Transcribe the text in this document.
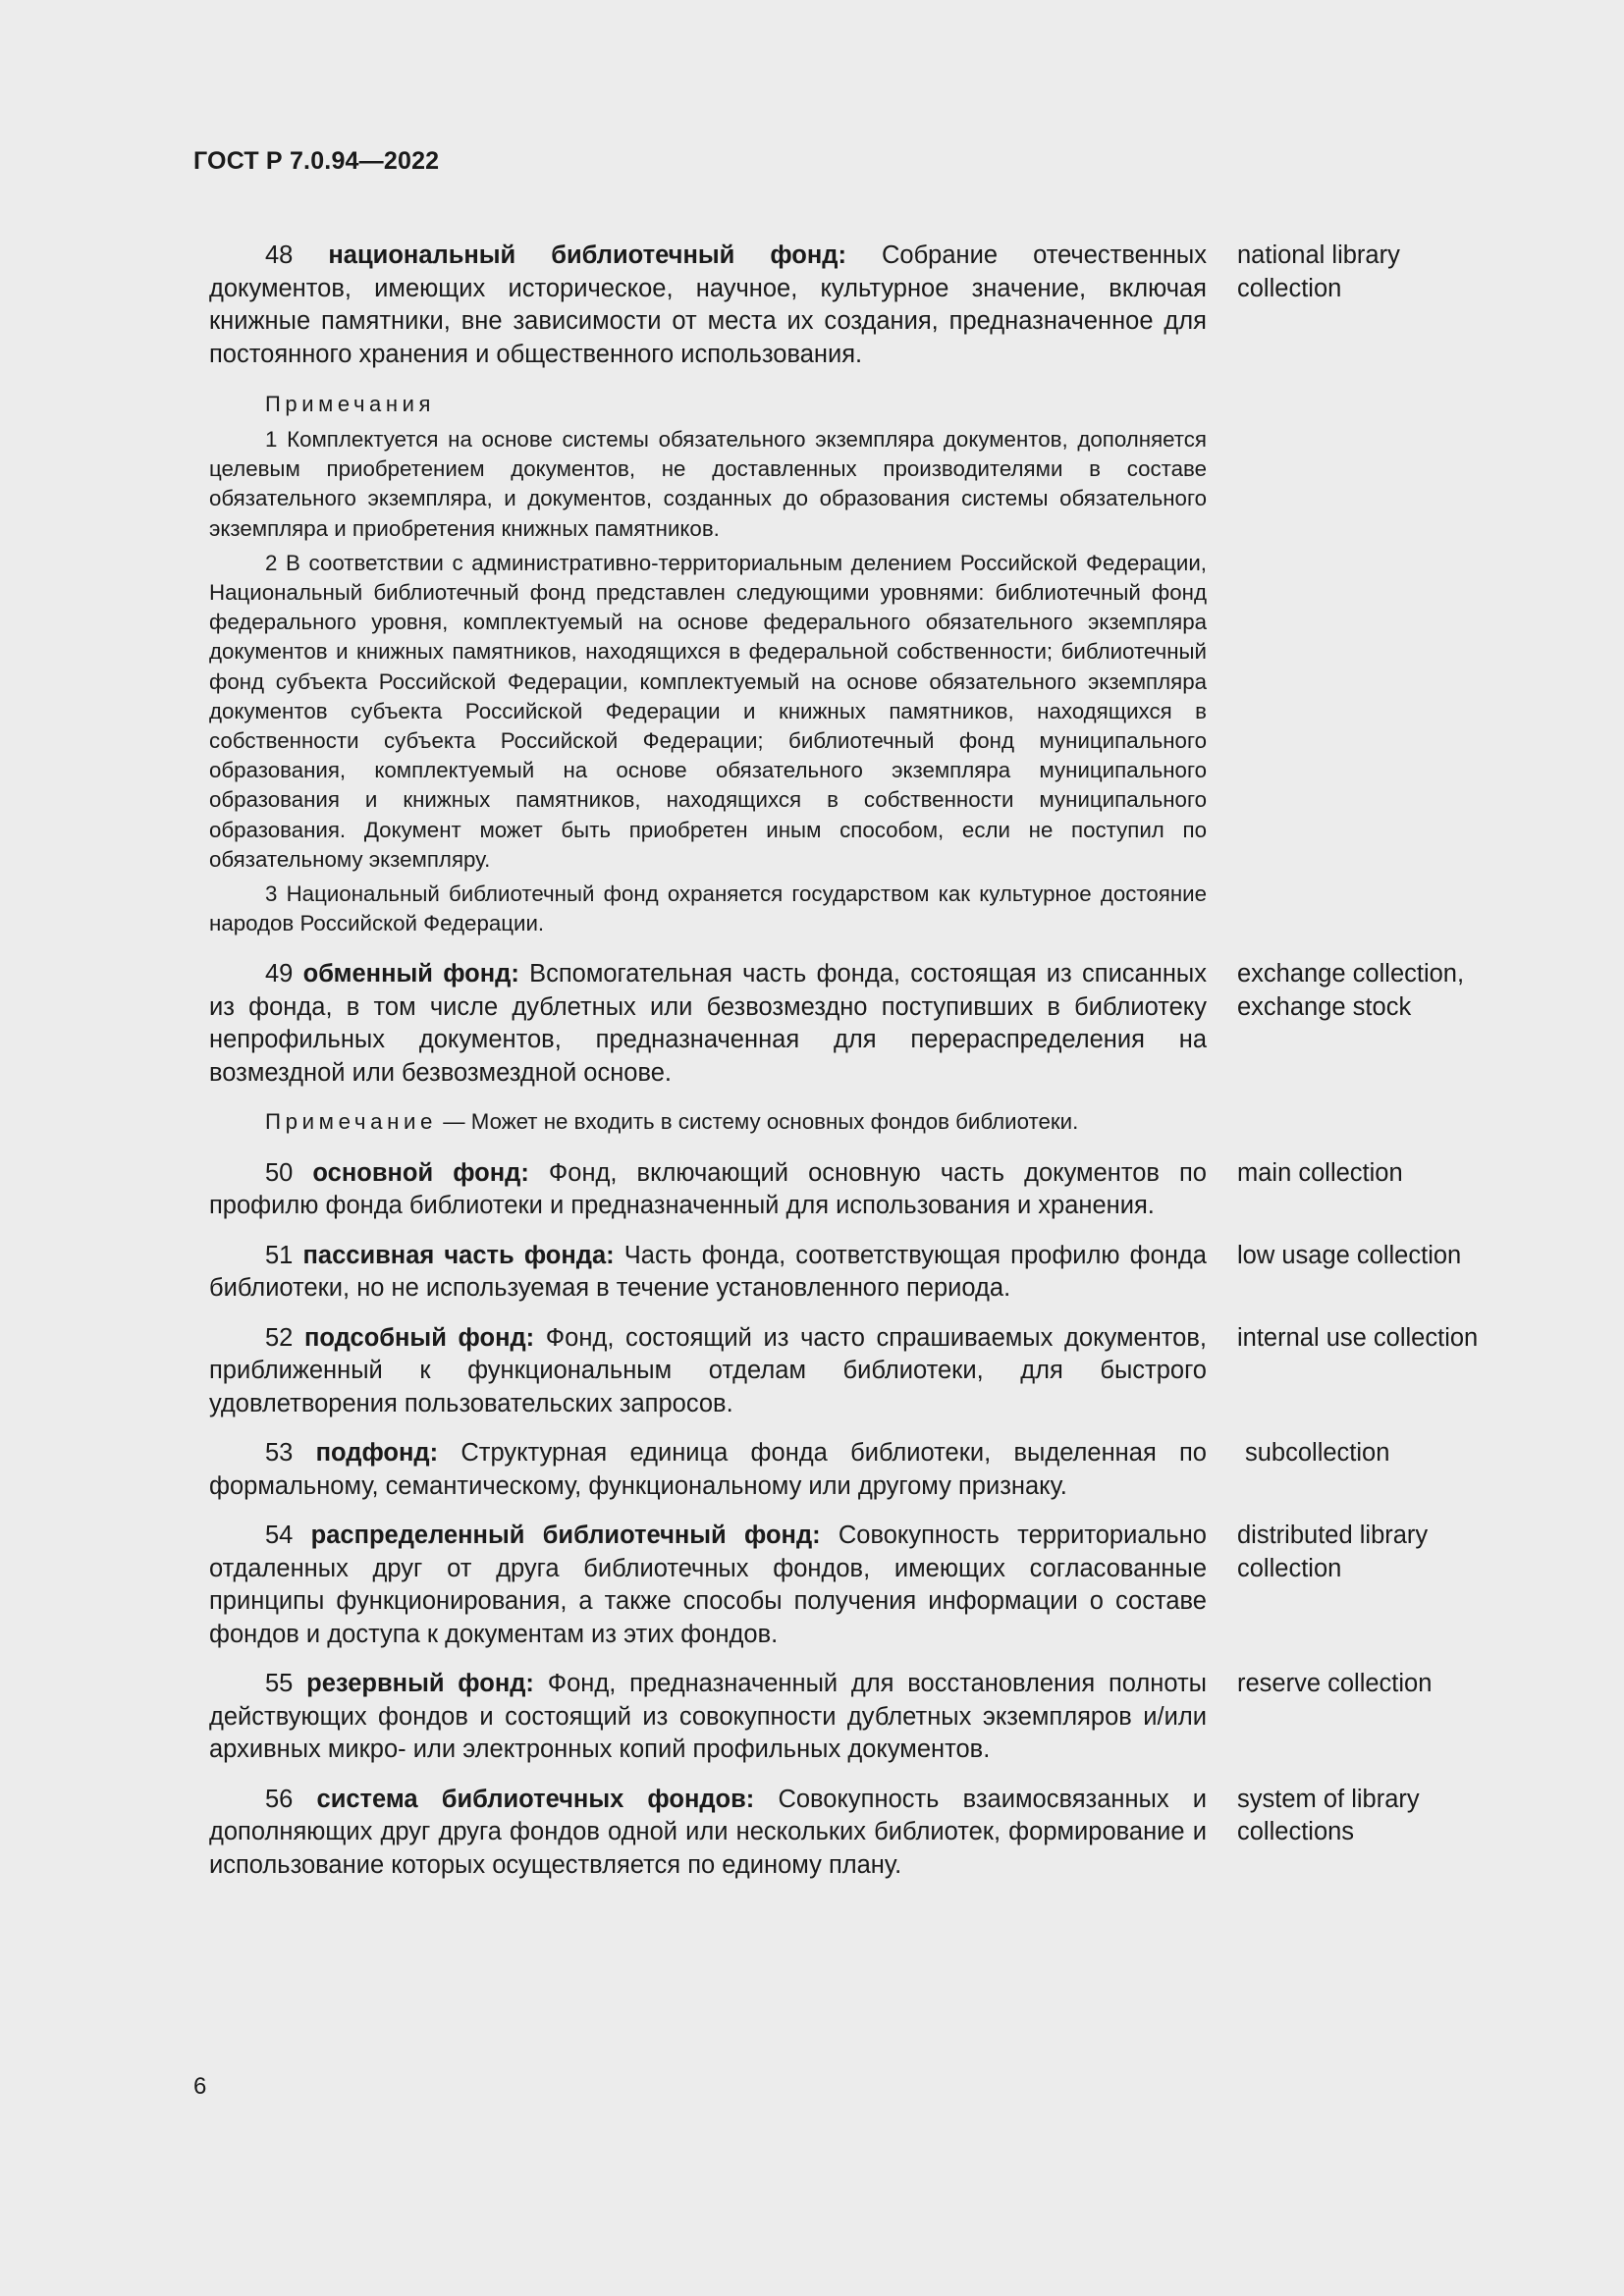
ГОСТ Р 7.0.94—2022
48 национальный библиотечный фонд: Собрание отечественных документов, имеющих историческое, научное, культурное значение, включая книжные памятники, вне зависимости от места их создания, предназначенное для постоянного хранения и общественного использования.
national library collection
Примечания
1 Комплектуется на основе системы обязательного экземпляра документов, дополняется целевым приобретением документов, не доставленных производителями в составе обязательного экземпляра, и документов, созданных до образования системы обязательного экземпляра и приобретения книжных памятников.
2 В соответствии с административно-территориальным делением Российской Федерации, Национальный библиотечный фонд представлен следующими уровнями: библиотечный фонд федерального уровня, комплектуемый на основе федерального обязательного экземпляра документов и книжных памятников, находящихся в федеральной собственности; библиотечный фонд субъекта Российской Федерации, комплектуемый на основе обязательного экземпляра документов субъекта Российской Федерации и книжных памятников, находящихся в собственности субъекта Российской Федерации; библиотечный фонд муниципального образования, комплектуемый на основе обязательного экземпляра муниципального образования и книжных памятников, находящихся в собственности муниципального образования. Документ может быть приобретен иным способом, если не поступил по обязательному экземпляру.
3 Национальный библиотечный фонд охраняется государством как культурное достояние народов Российской Федерации.
49 обменный фонд: Вспомогательная часть фонда, состоящая из списанных из фонда, в том числе дублетных или безвозмездно поступивших в библиотеку непрофильных документов, предназначенная для перераспределения на возмездной или безвозмездной основе.
exchange collection, exchange stock
Примечание — Может не входить в систему основных фондов библиотеки.
50 основной фонд: Фонд, включающий основную часть документов по профилю фонда библиотеки и предназначенный для использования и хранения.
main collection
51 пассивная часть фонда: Часть фонда, соответствующая профилю фонда библиотеки, но не используемая в течение установленного периода.
low usage collection
52 подсобный фонд: Фонд, состоящий из часто спрашиваемых документов, приближенный к функциональным отделам библиотеки, для быстрого удовлетворения пользовательских запросов.
internal use collection
53 подфонд: Структурная единица фонда библиотеки, выделенная по формальному, семантическому, функциональному или другому признаку.
subcollection
54 распределенный библиотечный фонд: Совокупность территориально отдаленных друг от друга библиотечных фондов, имеющих согласованные принципы функционирования, а также способы получения информации о составе фондов и доступа к документам из этих фондов.
distributed library collection
55 резервный фонд: Фонд, предназначенный для восстановления полноты действующих фондов и состоящий из совокупности дублетных экземпляров и/или архивных микро- или электронных копий профильных документов.
reserve collection
56 система библиотечных фондов: Совокупность взаимосвязанных и дополняющих друг друга фондов одной или нескольких библиотек, формирование и использование которых осуществляется по единому плану.
system of library collections
6
